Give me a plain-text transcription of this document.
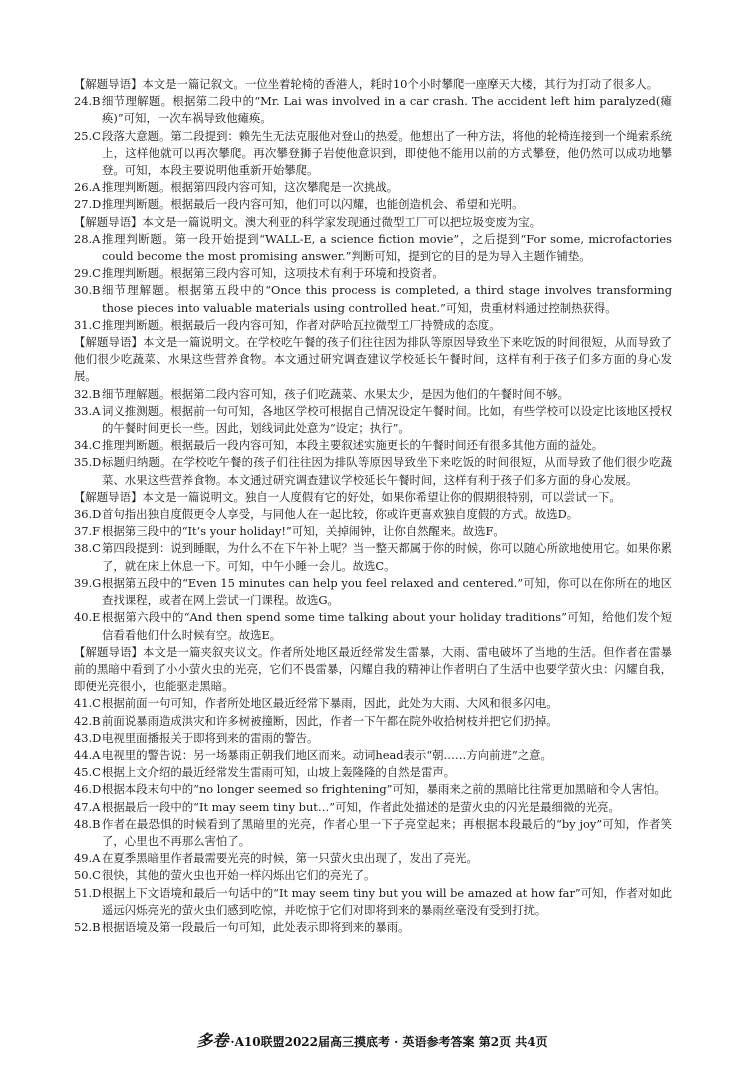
【解题导语】本文是一篇记叙文。一位坐着轮椅的香港人，耗时10个小时攀爬一座摩天大楼，其行为打动了很多人。
24.B 细节理解题。根据第二段中的“Mr. Lai was involved in a car crash. The accident left him paralyzed(瘫痪)”可知，一次车祸导致他瘫痪。
25.C 段落大意题。第二段提到：赖先生无法克服他对登山的热爱。他想出了一种方法，将他的轮椅连接到一个绳索系统上，这样他就可以再次攀爬。再次攀登狮子岩使他意识到，即使他不能用以前的方式攀登，他仍然可以成功地攀登。可知，本段主要说明他重新开始攀爬。
26.A 推理判断题。根据第四段内容可知，这次攀爬是一次挑战。
27.D 推理判断题。根据最后一段内容可知，他们可以闪耀，也能创造机会、希望和光明。
【解题导语】本文是一篇说明文。澳大利亚的科学家发现通过微型工厂可以把垃圾变废为宝。
28.A 推理判断题。第一段开始提到“WALL-E, a science fiction movie”，之后提到“For some, microfactories could become the most promising answer.”判断可知，提到它的目的是为导入主题作铺垫。
29.C 推理判断题。根据第三段内容可知，这项技术有利于环境和投资者。
30.B 细节理解题。根据第五段中的“Once this process is completed, a third stage involves transforming those pieces into valuable materials using controlled heat.”可知，贵重材料通过控制热获得。
31.C 推理判断题。根据最后一段内容可知，作者对萨哈瓦拉微型工厂持赞成的态度。
【解题导语】本文是一篇说明文。在学校吃午餐的孩子们往往因为排队等原因导致坐下来吃饭的时间很短，从而导致了他们很少吃蔬菜、水果这些营养食物。本文通过研究调查建议学校延长午餐时间，这样有利于孩子们多方面的身心发展。
32.B 细节理解题。根据第二段内容可知，孩子们吃蔬菜、水果太少，是因为他们的午餐时间不够。
33.A 词义推测题。根据前一句可知，各地区学校可根据自己情况设定午餐时间。比如，有些学校可以设定比该地区授权的午餐时间更长一些。因此，划线词此处意为“设定；执行”。
34.C 推理判断题。根据最后一段内容可知，本段主要叙述实施更长的午餐时间还有很多其他方面的益处。
35.D 标题归纳题。在学校吃午餐的孩子们往往因为排队等原因导致坐下来吃饭的时间很短，从而导致了他们很少吃蔬菜、水果这些营养食物。本文通过研究调查建议学校延长午餐时间，这样有利于孩子们多方面的身心发展。
【解题导语】本文是一篇说明文。独自一人度假有它的好处，如果你希望让你的假期很特别，可以尝试一下。
36.D 首句指出独自度假更令人享受，与同他人在一起比较，你或许更喜欢独自度假的方式。故选D。
37.F 根据第三段中的“It’s your holiday!”可知，关掉闹钟，让你自然醒来。故选F。
38.C 第四段提到：说到睡眠，为什么不在下午补上呢？当一整天都属于你的时候，你可以随心所欲地使用它。如果你累了，就在床上休息一下。可知，中午小睡一会儿。故选C。
39.G 根据第五段中的“Even 15 minutes can help you feel relaxed and centered.”可知，你可以在你所在的地区查找课程，或者在网上尝试一门课程。故选G。
40.E 根据第六段中的“And then spend some time talking about your holiday traditions”可知，给他们发个短信看看他们什么时候有空。故选E。
【解题导语】本文是一篇夹叙夹议文。作者所处地区最近经常发生雷暴，大雨、雷电破坏了当地的生活。但作者在雷暴前的黑暗中看到了小小萤火虫的光亮，它们不畏雷暴，闪耀自我的精神让作者明白了生活中也要学萤火虫：闪耀自我，即便光亮很小，也能驱走黑暗。
41.C 根据前面一句可知，作者所处地区最近经常下暴雨，因此，此处为大雨、大风和很多闪电。
42.B 前面说暴雨造成洪灾和许多树被撞断，因此，作者一下午都在院外收拾树枝并把它们扔掉。
43.D 电视里面播报关于即将到来的雷雨的警告。
44.A 电视里的警告说：另一场暴雨正朝我们地区而来。动词head表示“朝……方向前进”之意。
45.C 根据上文介绍的最近经常发生雷雨可知，山坡上轰隆隆的自然是雷声。
46.D 根据本段末句中的“no longer seemed so frightening”可知，暴雨来之前的黑暗比往常更加黑暗和令人害怕。
47.A 根据最后一段中的“It may seem tiny but…”可知，作者此处描述的是萤火虫的闪光是最细微的光亮。
48.B 作者在最恐惧的时候看到了黑暗里的光亮，作者心里一下子亮堂起来；再根据本段最后的“by joy”可知，作者笑了，心里也不再那么害怕了。
49.A 在夏季黑暗里作者最需要光亮的时候，第一只萤火虫出现了，发出了亮光。
50.C 很快，其他的萤火虫也开始一样闪烁出它们的亮光了。
51.D 根据上下文语境和最后一句话中的“It may seem tiny but you will be amazed at how far”可知，作者对如此遥远闪烁亮光的萤火虫们感到吃惊，并吃惊于它们对即将到来的暴雨丝毫没有受到打扰。
52.B 根据语境及第一段最后一句可知，此处表示即将到来的暴雨。
多卷 ·A10联盟2022届高三摸底考 · 英语参考答案 第2页 共4页
